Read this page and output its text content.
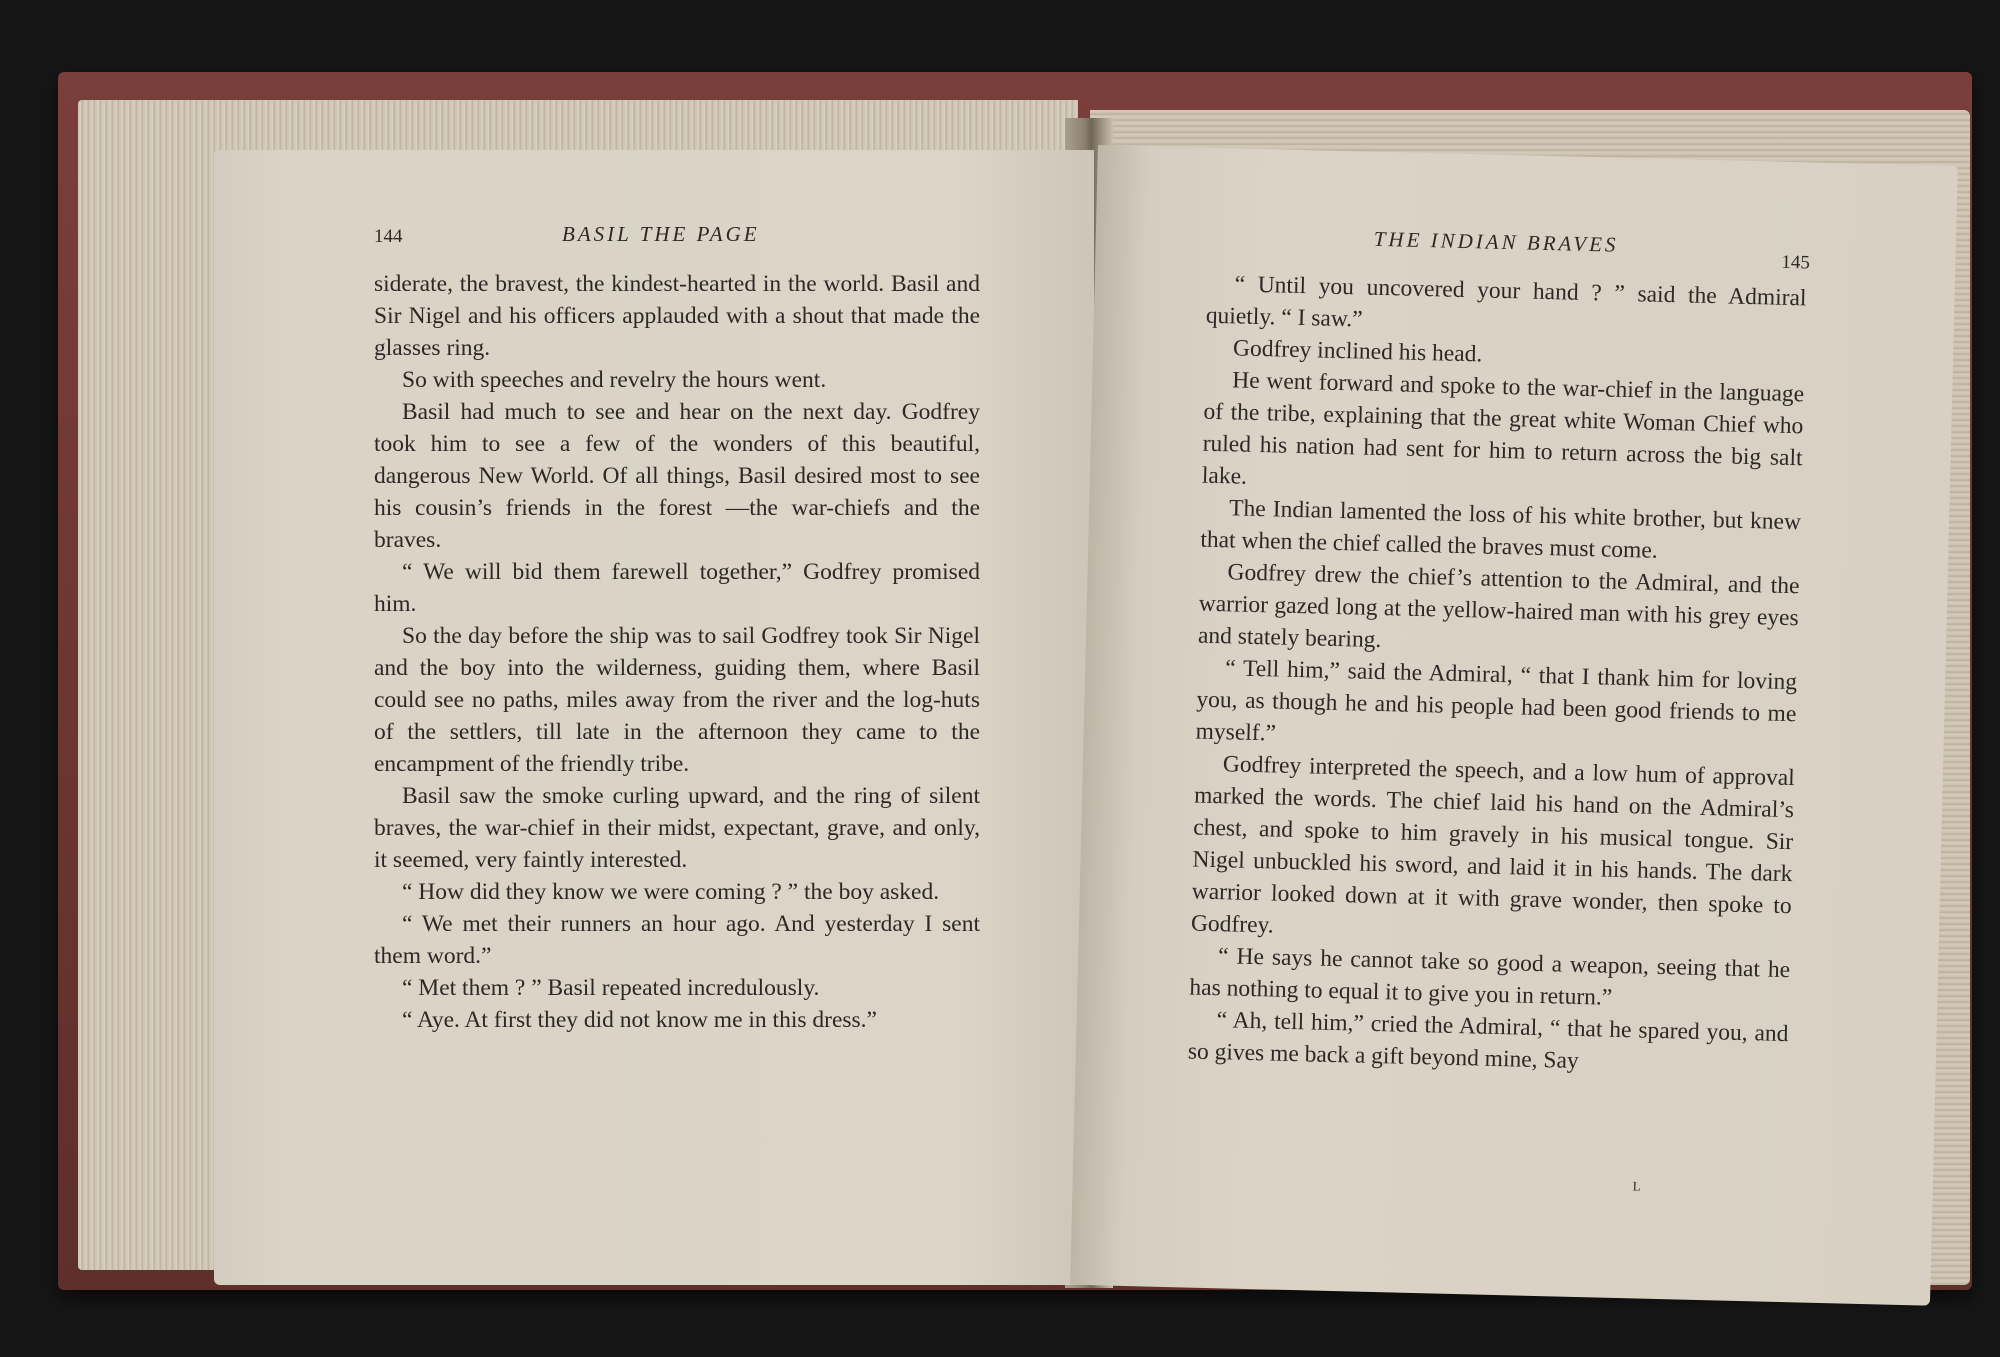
144	BASIL THE PAGE

siderate, the bravest, the kindest-hearted in the world. Basil and Sir Nigel and his officers applauded with a shout that made the glasses ring.

So with speeches and revelry the hours went.

Basil had much to see and hear on the next day. Godfrey took him to see a few of the wonders of this beautiful, dangerous New World. Of all things, Basil desired most to see his cousin’s friends in the forest —the war-chiefs and the braves.

“ We will bid them farewell together,” Godfrey promised him.

So the day before the ship was to sail Godfrey took Sir Nigel and the boy into the wilderness, guiding them, where Basil could see no paths, miles away from the river and the log-huts of the settlers, till late in the afternoon they came to the encampment of the friendly tribe.

Basil saw the smoke curling upward, and the ring of silent braves, the war-chief in their midst, expectant, grave, and only, it seemed, very faintly interested.

“ How did they know we were coming ? ” the boy asked.

“ We met their runners an hour ago. And yesterday I sent them word.”

“ Met them ? ” Basil repeated incredulously.

“ Aye. At first they did not know me in this dress.”

THE INDIAN BRAVES
145

“ Until you uncovered your hand ? ” said the Admiral quietly. “ I saw.”

Godfrey inclined his head.

He went forward and spoke to the war-chief in the language of the tribe, explaining that the great white Woman Chief who ruled his nation had sent for him to return across the big salt lake.

The Indian lamented the loss of his white brother, but knew that when the chief called the braves must come.

Godfrey drew the chief’s attention to the Admiral, and the warrior gazed long at the yellow-haired man with his grey eyes and stately bearing.

“ Tell him,” said the Admiral, “ that I thank him for loving you, as though he and his people had been good friends to me myself.”

Godfrey interpreted the speech, and a low hum of approval marked the words. The chief laid his hand on the Admiral’s chest, and spoke to him gravely in his musical tongue. Sir Nigel unbuckled his sword, and laid it in his hands. The dark warrior looked down at it with grave wonder, then spoke to Godfrey.

“ He says he cannot take so good a weapon, seeing that he has nothing to equal it to give you in return.”

“ Ah, tell him,” cried the Admiral, “ that he spared you, and so gives me back a gift beyond mine, Say

L
